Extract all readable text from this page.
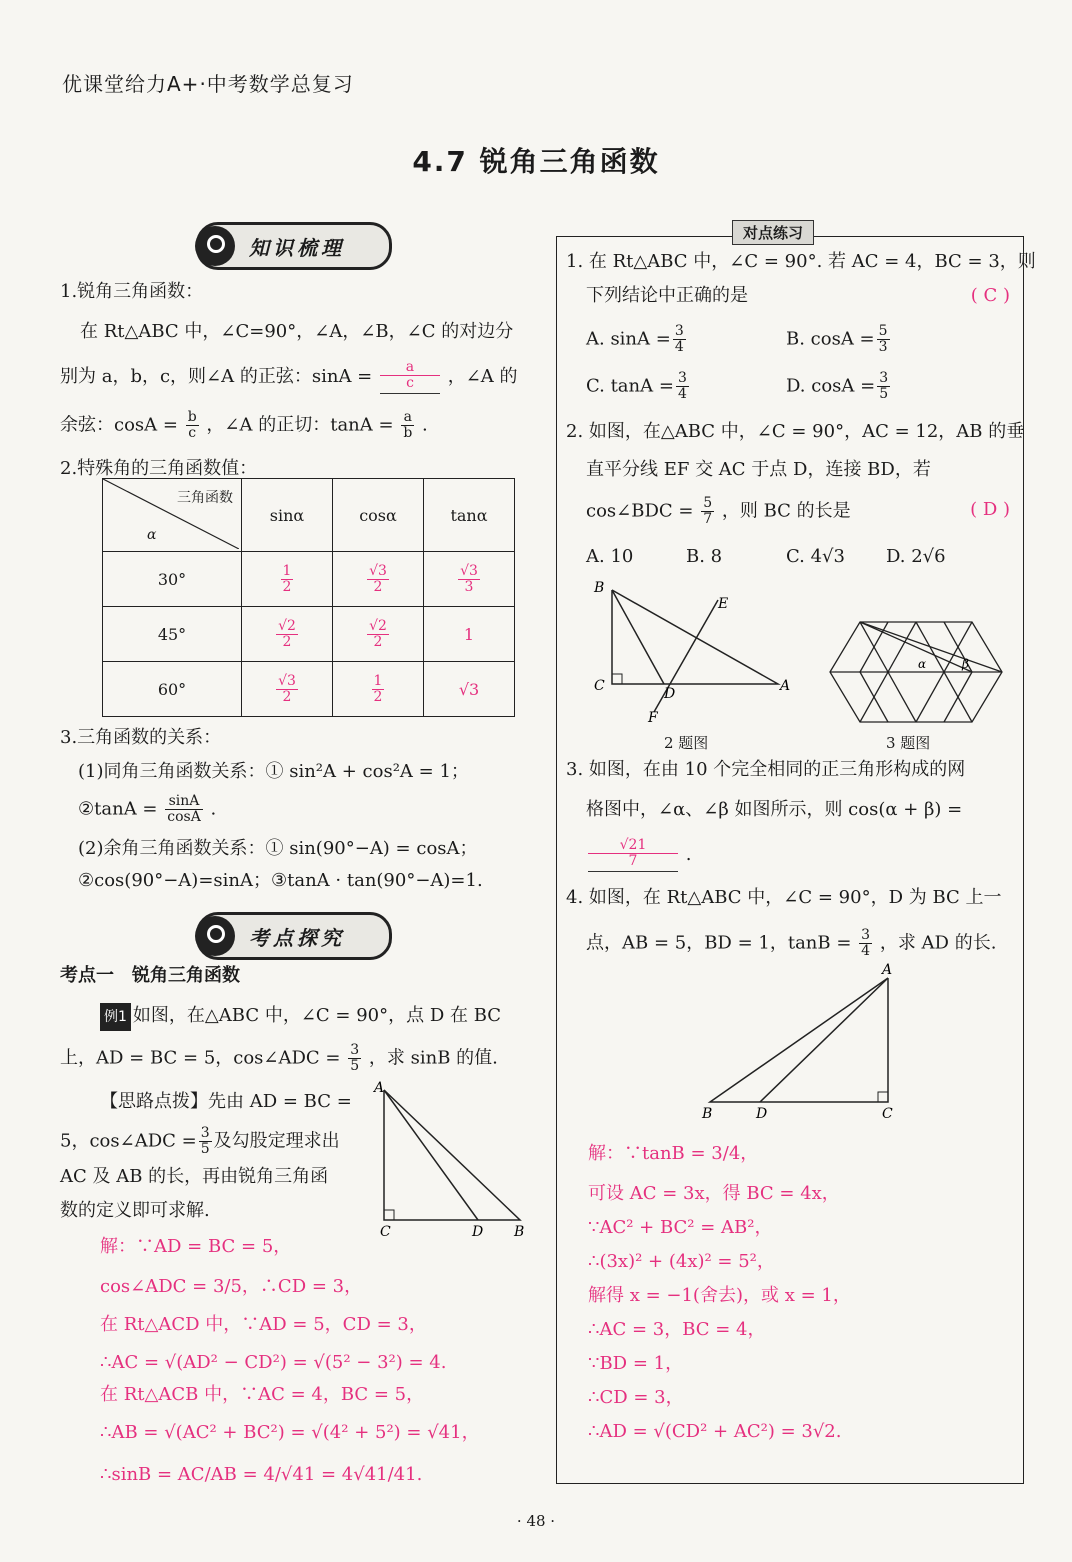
优课堂给力A+·中考数学总复习
4.7 锐角三角函数
知识梳理
1.锐角三角函数：
在 Rt△ABC 中，∠C=90°，∠A，∠B，∠C 的对边分
别为 a，b，c，则∠A 的正弦：$\sin A = \frac{a}{c}$ ，∠A 的
余弦：$\cos A = \frac{b}{c}$ ，∠A 的正切：$\tan A = \frac{a}{b}$ .
2.特殊角的三角函数值：
三角函数
α	sinα	cosα	tanα
30°	$\frac{1}{2}$	$\frac{√3}{2}$	$\frac{√3}{3}$

45°	$\frac{√2}{2}$	$\frac{√2}{2}$	1
60°	$\frac{√3}{2}$	$\frac{1}{2}$	√3
3.三角函数的关系：
(1)同角三角函数关系：① sin²A + cos²A = 1；
②tanA = $\frac{\sin A}{\cos A}$ .
(2)余角三角函数关系：① sin(90°−A) = cosA；
②cos(90°−A)=sinA；③tanA · tan(90°−A)=1.
考点探究
考点一　锐角三角函数
例1 如图，在△ABC 中，∠C = 90°，点 D 在 BC
上，AD = BC = 5，cos∠ADC = $\frac{3}{5}$ ，求 sinB 的值.
【思路点拨】先由 AD = BC =
5，cos∠ADC = $\frac{3}{5}$ 及勾股定理求出
AC 及 AB 的长，再由锐角三角函
数的定义即可求解.
解：∵AD = BC = 5，
cos∠ADC = 3/5，∴CD = 3，
在 Rt△ACD 中，∵AD = 5，CD = 3，
∴AC = √(AD² − CD²) = √(5² − 3²) = 4.
在 Rt△ACB 中，∵AC = 4，BC = 5，
∴AB = √(AC² + BC²) = √(4² + 5²) = √41，
∴sinB = AC/AB = 4/√41 = 4√41/41.
A
C	D B
对点练习
1. 在 Rt△ABC 中，∠C = 90°. 若 AC = 4，BC = 3，则
下列结论中正确的是	( C )
A. $\sin A = \frac{3}{4}$	B. $\cos A = \frac{5}{3}$
C. $\tan A = \frac{3}{4}$	D. $\cos A = \frac{3}{5}$
2. 如图，在△ABC 中，∠C = 90°，AC = 12，AB 的垂
直平分线 EF 交 AC 于点 D，连接 BD，若
cos∠BDC = $\frac{5}{7}$ ，则 BC 的长是	( D )
A. 10	B. 8	C. 4√3	D. 2√6
B
E
C	D	A
F
2 题图
α	β
3 题图
3. 如图，在由 10 个完全相同的正三角形构成的网
格图中，∠α、∠β 如图所示，则 cos(α + β) =
$\frac{√21}{7}$ .
4. 如图，在 Rt△ABC 中，∠C = 90°，D 为 BC 上一
点，AB = 5，BD = 1，$\tan B = \frac{3}{4}$ ，求 AD 的长.
A
B	D	C
解：∵tanB = 3/4，
可设 AC = 3x，得 BC = 4x，
∵AC² + BC² = AB²，
∴(3x)² + (4x)² = 5²，
解得 x = −1(舍去)，或 x = 1，
∴AC = 3，BC = 4，
∵BD = 1，
∴CD = 3，
∴AD = √(CD² + AC²) = 3√2.
· 48 ·
